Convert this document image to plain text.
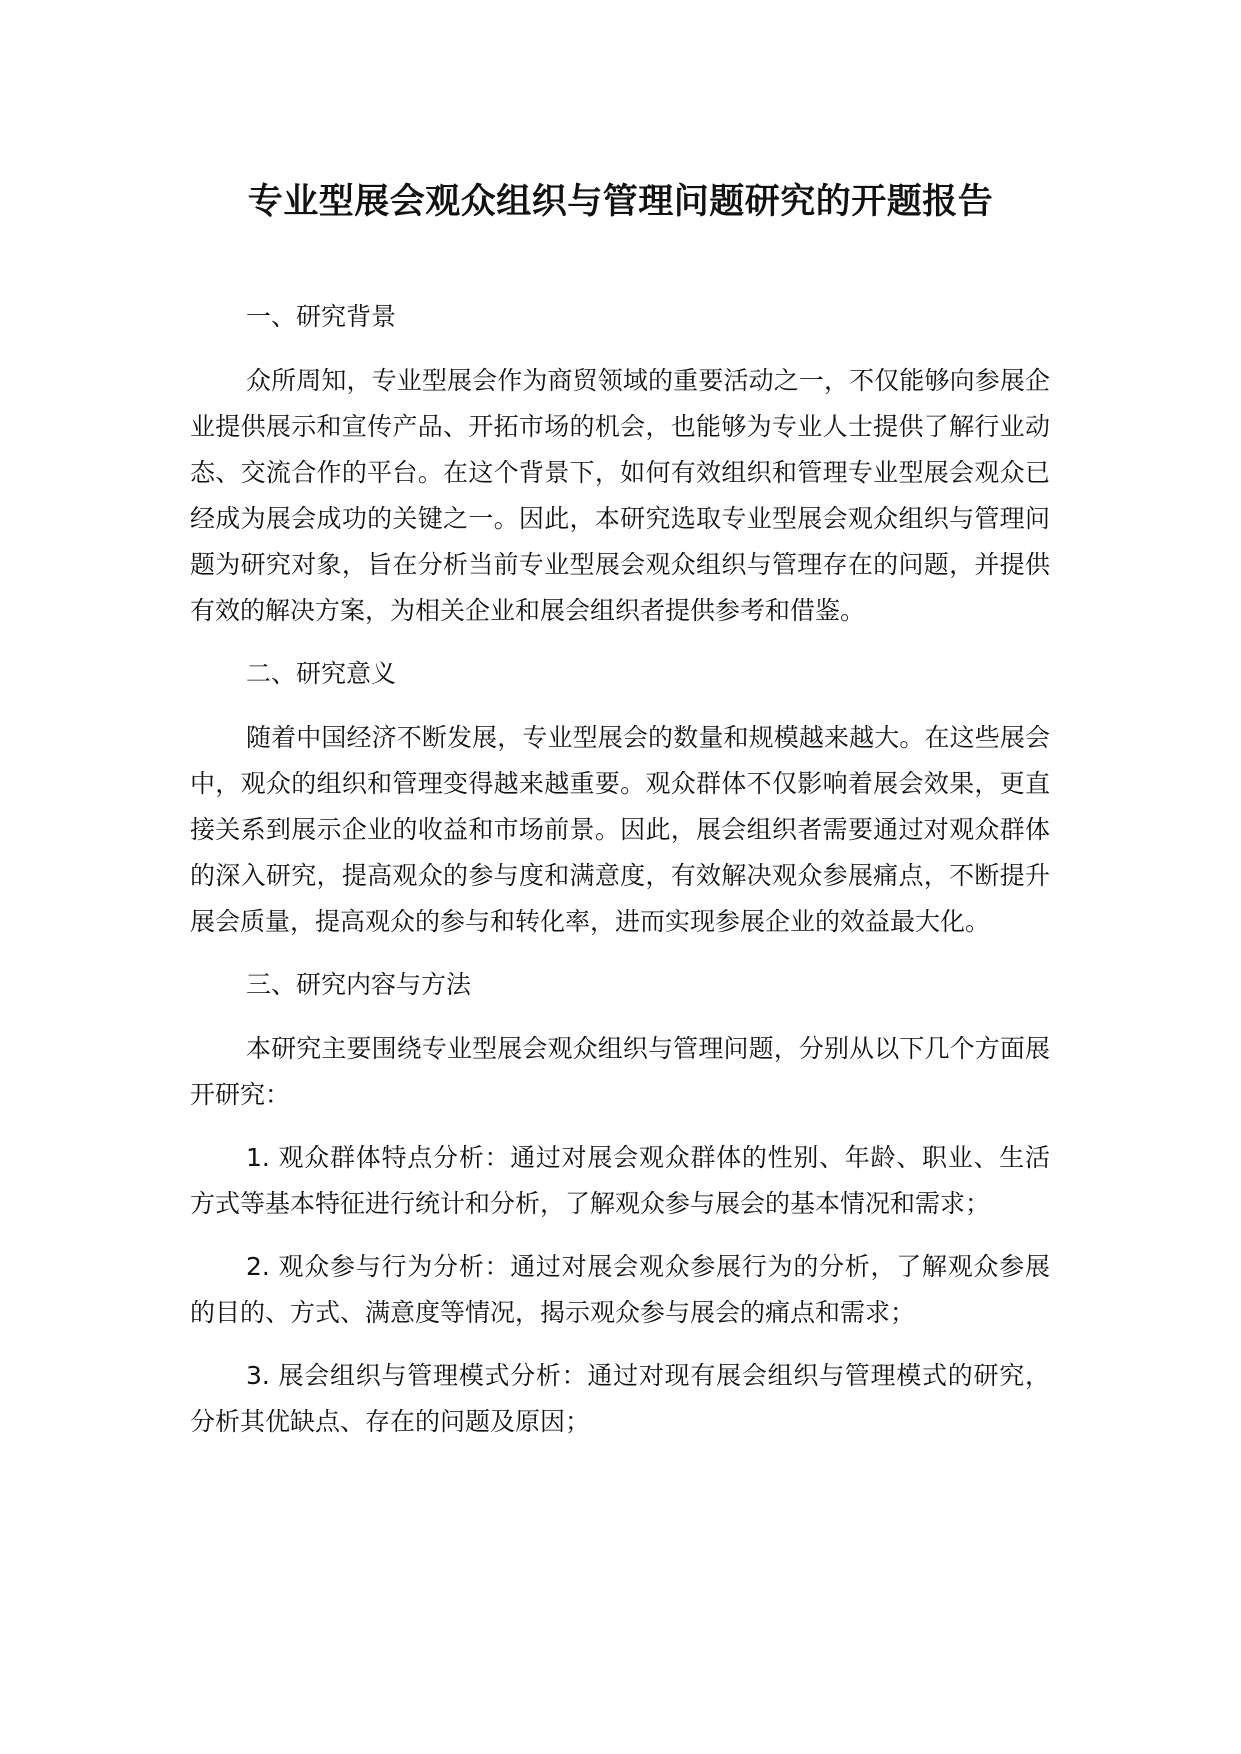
专业型展会观众组织与管理问题研究的开题报告

一、研究背景

众所周知，专业型展会作为商贸领域的重要活动之一，不仅能够向参展企业提供展示和宣传产品、开拓市场的机会，也能够为专业人士提供了解行业动态、交流合作的平台。在这个背景下，如何有效组织和管理专业型展会观众已经成为展会成功的关键之一。因此，本研究选取专业型展会观众组织与管理问题为研究对象，旨在分析当前专业型展会观众组织与管理存在的问题，并提供有效的解决方案，为相关企业和展会组织者提供参考和借鉴。

二、研究意义

随着中国经济不断发展，专业型展会的数量和规模越来越大。在这些展会中，观众的组织和管理变得越来越重要。观众群体不仅影响着展会效果，更直接关系到展示企业的收益和市场前景。因此，展会组织者需要通过对观众群体的深入研究，提高观众的参与度和满意度，有效解决观众参展痛点，不断提升展会质量，提高观众的参与和转化率，进而实现参展企业的效益最大化。

三、研究内容与方法

本研究主要围绕专业型展会观众组织与管理问题，分别从以下几个方面展开研究：

1. 观众群体特点分析：通过对展会观众群体的性别、年龄、职业、生活方式等基本特征进行统计和分析，了解观众参与展会的基本情况和需求；

2. 观众参与行为分析：通过对展会观众参展行为的分析，了解观众参展的目的、方式、满意度等情况，揭示观众参与展会的痛点和需求；

3. 展会组织与管理模式分析：通过对现有展会组织与管理模式的研究，分析其优缺点、存在的问题及原因；
